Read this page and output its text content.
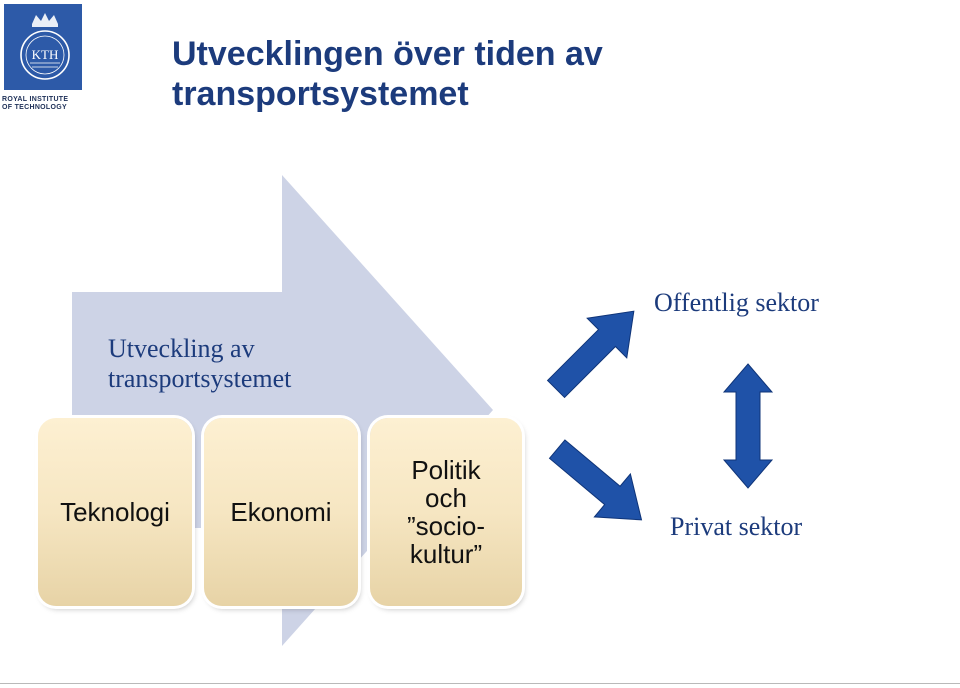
KTH
ROYAL INSTITUTE
OF TECHNOLOGY
Utvecklingen över tiden av
transportsystemet
Utveckling av
transportsystemet
Teknologi Ekonomi
Politik
och
”socio-
kultur”
Offentlig sektor
Privat sektor
